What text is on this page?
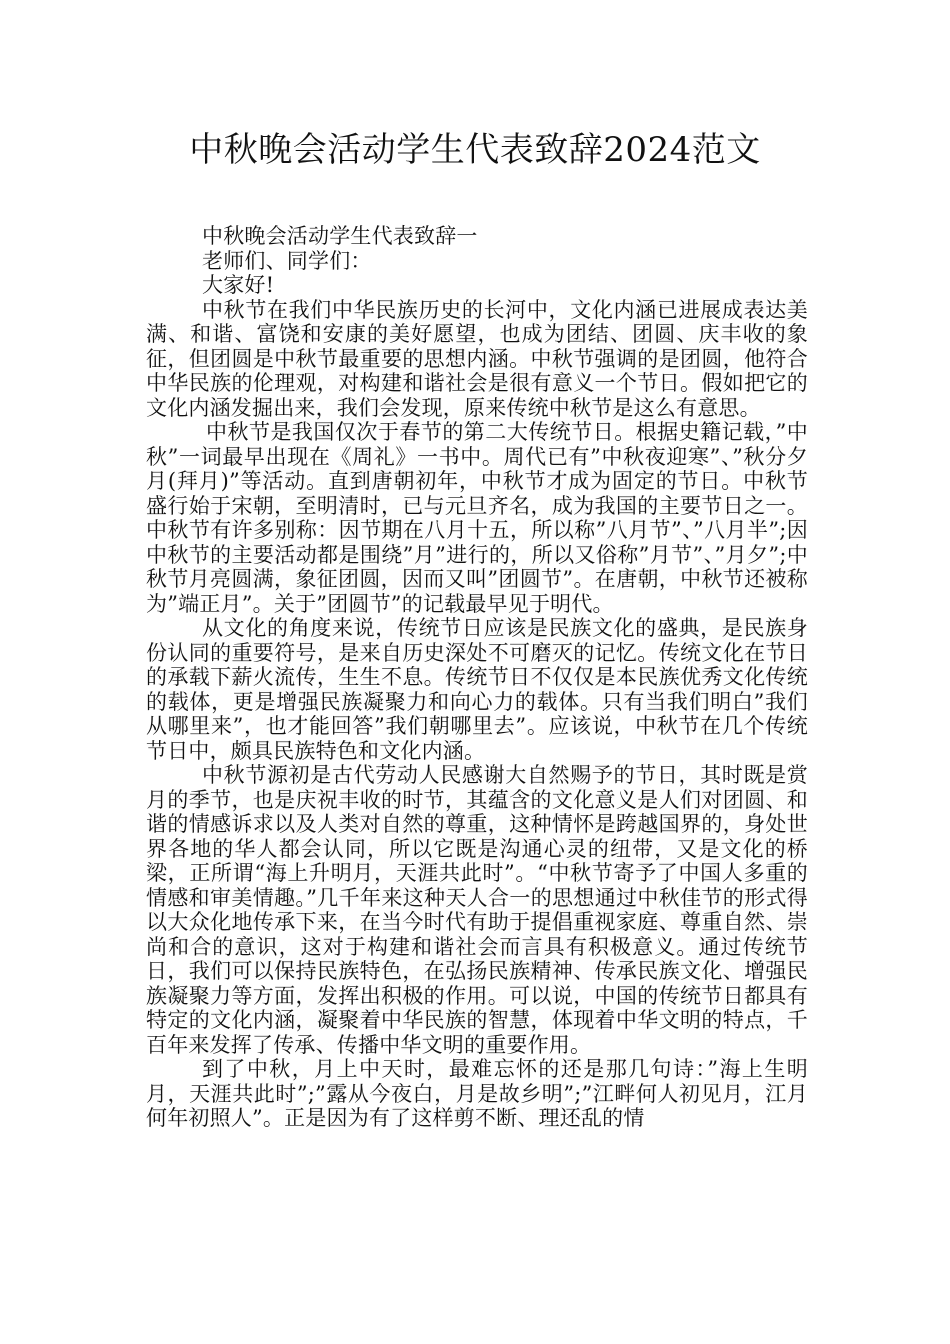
中秋晚会活动学生代表致辞2024范文

中秋晚会活动学生代表致辞一

老师们、同学们：

大家好!

中秋节在我们中华民族历史的长河中，文化内涵已进展成表达美满、和谐、富饶和安康的美好愿望，也成为团结、团圆、庆丰收的象征，但团圆是中秋节最重要的思想内涵。中秋节强调的是团圆，他符合中华民族的伦理观，对构建和谐社会是很有意义一个节日。假如把它的文化内涵发掘出来，我们会发现，原来传统中秋节是这么有意思。

中秋节是我国仅次于春节的第二大传统节日。根据史籍记载，”中秋”一词最早出现在《周礼》一书中。周代已有”中秋夜迎寒”、”秋分夕月(拜月)”等活动。直到唐朝初年，中秋节才成为固定的节日。中秋节盛行始于宋朝，至明清时，已与元旦齐名，成为我国的主要节日之一。中秋节有许多别称：因节期在八月十五，所以称”八月节”、”八月半”;因中秋节的主要活动都是围绕”月”进行的，所以又俗称”月节”、”月夕”;中秋节月亮圆满，象征团圆，因而又叫”团圆节”。在唐朝，中秋节还被称为”端正月”。关于”团圆节”的记载最早见于明代。

从文化的角度来说，传统节日应该是民族文化的盛典，是民族身份认同的重要符号，是来自历史深处不可磨灭的记忆。传统文化在节日的承载下薪火流传，生生不息。传统节日不仅仅是本民族优秀文化传统的载体，更是增强民族凝聚力和向心力的载体。只有当我们明白”我们从哪里来”，也才能回答”我们朝哪里去”。应该说，中秋节在几个传统节日中，颇具民族特色和文化内涵。

中秋节源初是古代劳动人民感谢大自然赐予的节日，其时既是赏月的季节，也是庆祝丰收的时节，其蕴含的文化意义是人们对团圆、和谐的情感诉求以及人类对自然的尊重，这种情怀是跨越国界的，身处世界各地的华人都会认同，所以它既是沟通心灵的纽带，又是文化的桥梁，正所谓“海上升明月，天涯共此时”。“中秋节寄予了中国人多重的情感和审美情趣。”几千年来这种天人合一的思想通过中秋佳节的形式得以大众化地传承下来，在当今时代有助于提倡重视家庭、尊重自然、崇尚和合的意识，这对于构建和谐社会而言具有积极意义。通过传统节日，我们可以保持民族特色，在弘扬民族精神、传承民族文化、增强民族凝聚力等方面，发挥出积极的作用。可以说，中国的传统节日都具有特定的文化内涵，凝聚着中华民族的智慧，体现着中华文明的特点，千百年来发挥了传承、传播中华文明的重要作用。

到了中秋，月上中天时，最难忘怀的还是那几句诗：”海上生明月，天涯共此时”;”露从今夜白，月是故乡明”;”江畔何人初见月，江月何年初照人”。正是因为有了这样剪不断、理还乱的情
